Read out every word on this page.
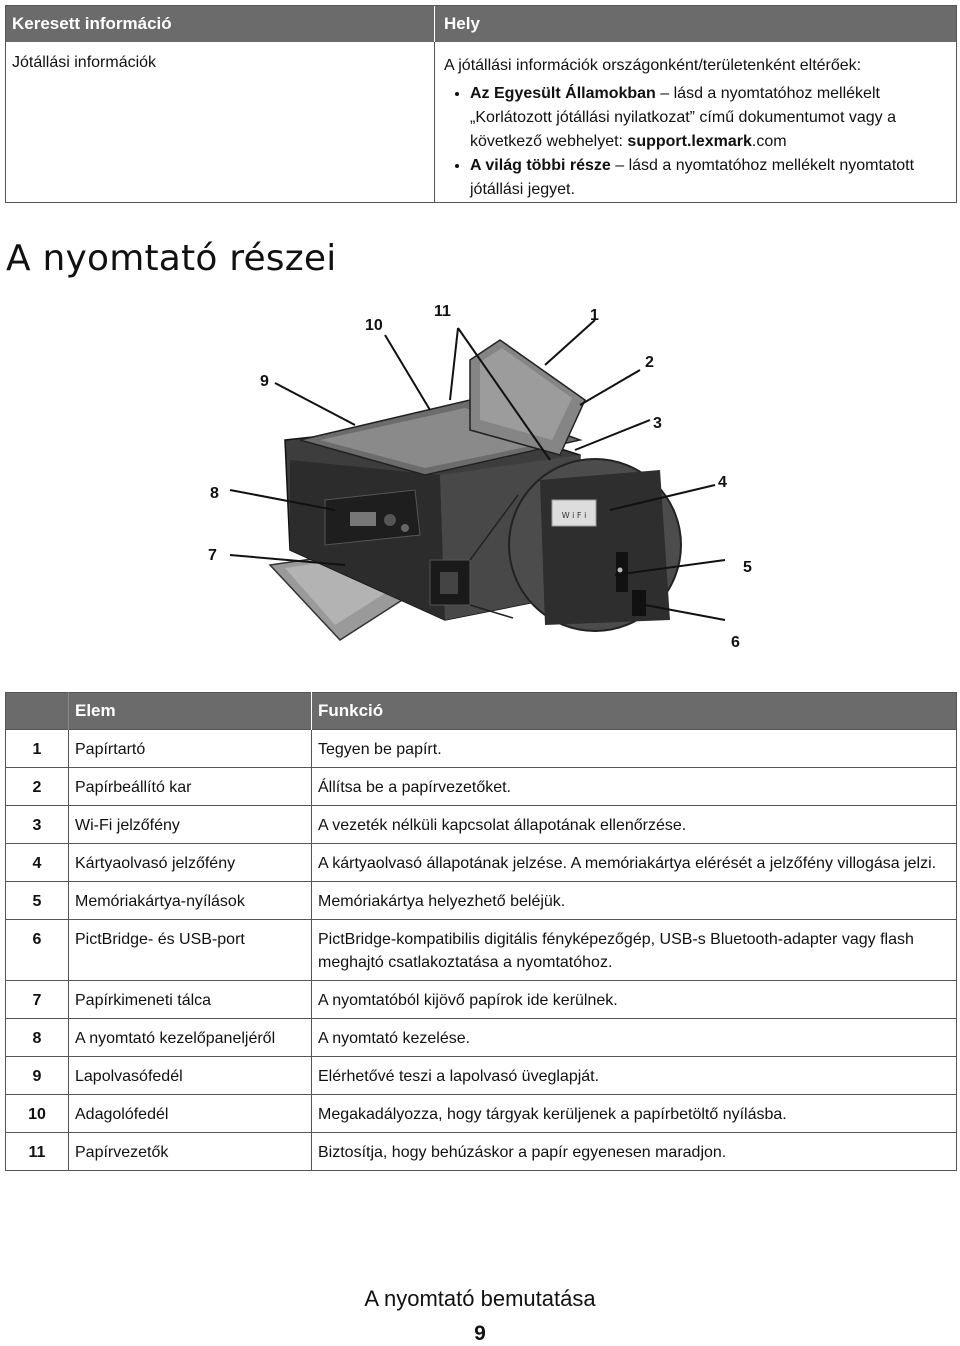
Keresett információ	Hely
Jótállási információk	A jótállási információk országonként/területenként eltérőek:
• Az Egyesült Államokban – lásd a nyomtatóhoz mellékelt „Korlátozott jótállási nyilatkozat” című dokumentumot vagy a következő webhelyet: support.lexmark.com
• A világ többi része – lásd a nyomtatóhoz mellékelt nyomtatott jótállási jegyet.
A nyomtató részei
W i F i
1
2
3
4
5
6
7
8
9
10
11
	Elem	Funkció
1	Papírtartó	Tegyen be papírt.
2	Papírbeállító kar	Állítsa be a papírvezetőket.
3	Wi-Fi jelzőfény	A vezeték nélküli kapcsolat állapotának ellenőrzése.
4	Kártyaolvasó jelzőfény	A kártyaolvasó állapotának jelzése. A memóriakártya elérését a jelzőfény villogása jelzi.
5	Memóriakártya-nyílások	Memóriakártya helyezhető beléjük.
6	PictBridge- és USB-port	PictBridge-kompatibilis digitális fényképezőgép, USB-s Bluetooth-adapter vagy flash meghajtó csatlakoztatása a nyomtatóhoz.
7	Papírkimeneti tálca	A nyomtatóból kijövő papírok ide kerülnek.
8	A nyomtató kezelőpaneljéről	A nyomtató kezelése.
9	Lapolvasófedél	Elérhetővé teszi a lapolvasó üveglapját.
10	Adagolófedél	Megakadályozza, hogy tárgyak kerüljenek a papírbetöltő nyílásba.
11	Papírvezetők	Biztosítja, hogy behúzáskor a papír egyenesen maradjon.
A nyomtató bemutatása
9
